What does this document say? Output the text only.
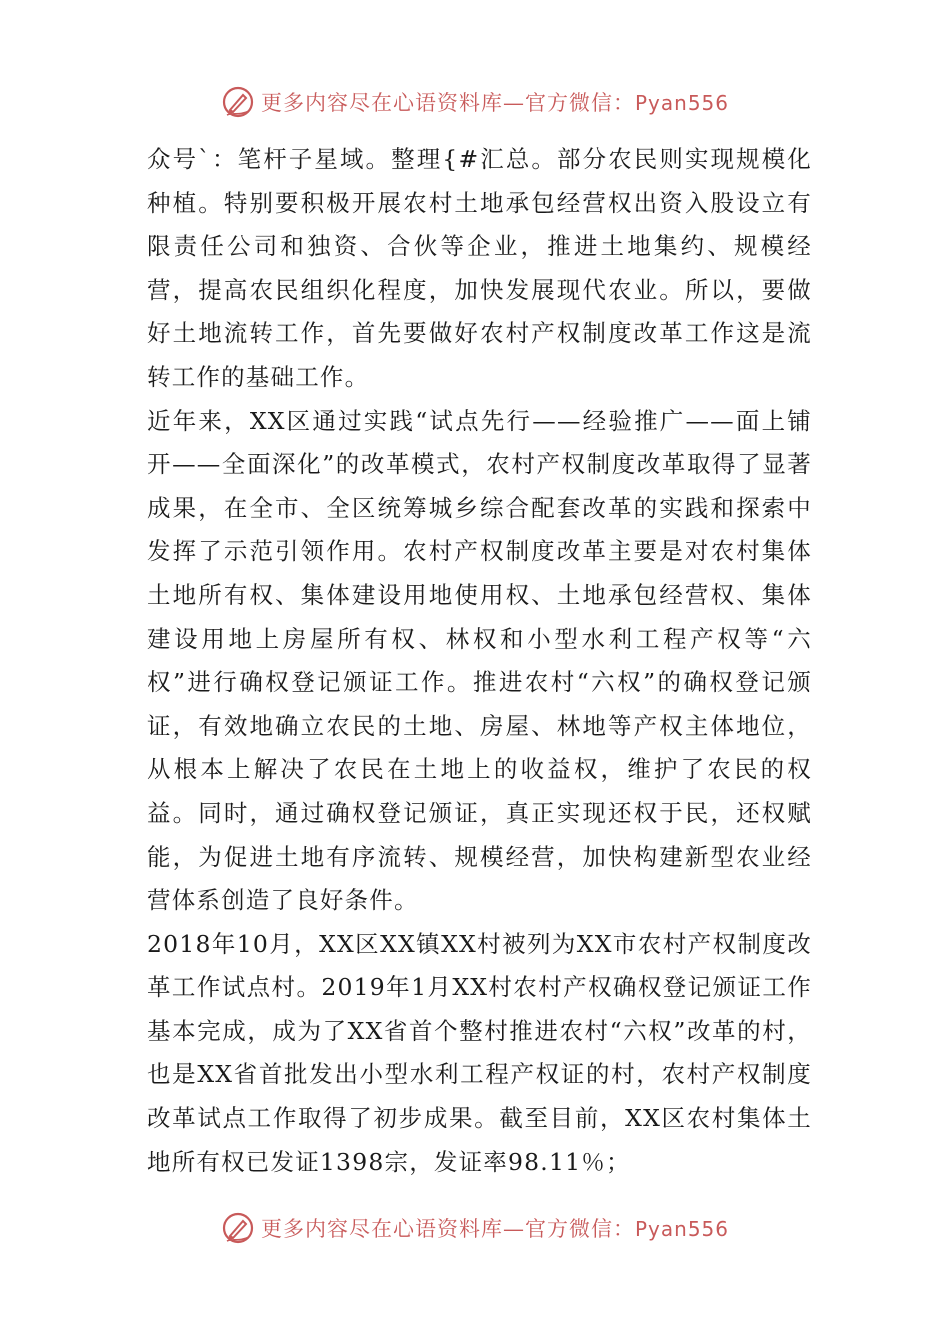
更多内容尽在心语资料库—官方微信：Pyan556

众号`：笔杆子星域。整理{#汇总。部分农民则实现规模化种植。特别要积极开展农村土地承包经营权出资入股设立有限责任公司和独资、合伙等企业，推进土地集约、规模经营，提高农民组织化程度，加快发展现代农业。所以，要做好土地流转工作，首先要做好农村产权制度改革工作这是流转工作的基础工作。

近年来，XX区通过实践“试点先行——经验推广——面上铺开——全面深化”的改革模式，农村产权制度改革取得了显著成果，在全市、全区统筹城乡综合配套改革的实践和探索中发挥了示范引领作用。农村产权制度改革主要是对农村集体土地所有权、集体建设用地使用权、土地承包经营权、集体建设用地上房屋所有权、林权和小型水利工程产权等“六权”进行确权登记颁证工作。推进农村“六权”的确权登记颁证，有效地确立农民的土地、房屋、林地等产权主体地位，从根本上解决了农民在土地上的收益权，维护了农民的权益。同时，通过确权登记颁证，真正实现还权于民，还权赋能，为促进土地有序流转、规模经营，加快构建新型农业经营体系创造了良好条件。

2018年10月，XX区XX镇XX村被列为XX市农村产权制度改革工作试点村。2019年1月XX村农村产权确权登记颁证工作基本完成，成为了XX省首个整村推进农村“六权”改革的村，也是XX省首批发出小型水利工程产权证的村，农村产权制度改革试点工作取得了初步成果。截至目前，XX区农村集体土地所有权已发证1398宗，发证率98.11％；

更多内容尽在心语资料库—官方微信：Pyan556
